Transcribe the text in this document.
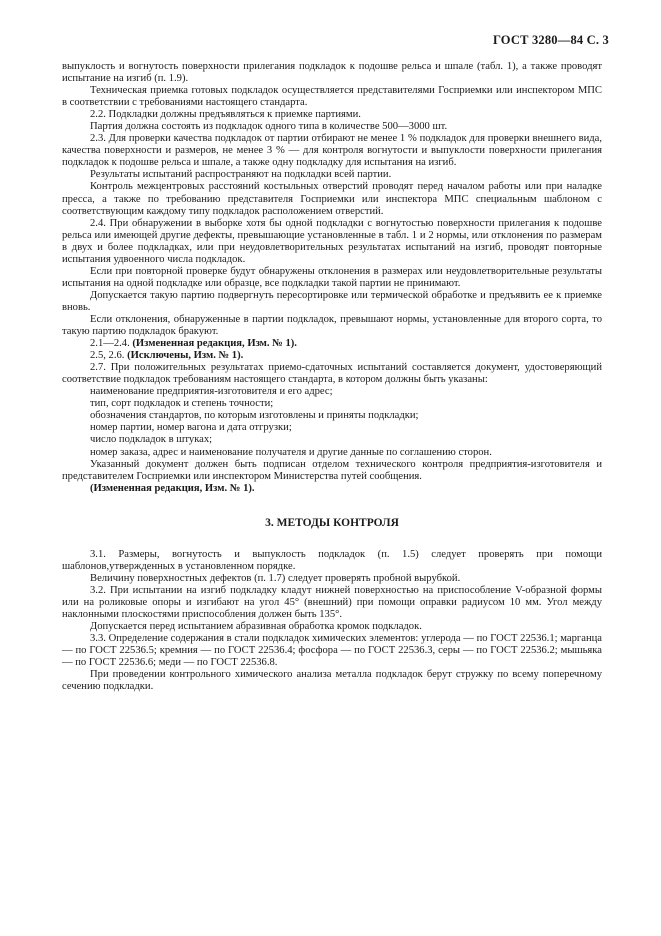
ГОСТ 3280—84 С. 3

выпуклость и вогнутость поверхности прилегания подкладок к подошве рельса и шпале (табл. 1), а также проводят испытание на изгиб (п. 1.9).

Техническая приемка готовых подкладок осуществляется представителями Госприемки или инспектором МПС в соответствии с требованиями настоящего стандарта.

2.2. Подкладки должны предъявляться к приемке партиями.

Партия должна состоять из подкладок одного типа в количестве 500—3000 шт.

2.3. Для проверки качества подкладок от партии отбирают не менее 1 % подкладок для проверки внешнего вида, качества поверхности и размеров, не менее 3 % — для контроля вогнутости и выпуклости поверхности прилегания подкладок к подошве рельса и шпале, а также одну подкладку для испытания на изгиб.

Результаты испытаний распространяют на подкладки всей партии.

Контроль межцентровых расстояний костыльных отверстий проводят перед началом работы или при наладке пресса, а также по требованию представителя Госприемки или инспектора МПС специальным шаблоном с соответствующим каждому типу подкладок расположением отверстий.

2.4. При обнаружении в выборке хотя бы одной подкладки с вогнутостью поверхности прилегания к подошве рельса или имеющей другие дефекты, превышающие установленные в табл. 1 и 2 нормы, или отклонения по размерам в двух и более подкладках, или при неудовлетворительных результатах испытаний на изгиб, проводят повторные испытания удвоенного числа подкладок.

Если при повторной проверке будут обнаружены отклонения в размерах или неудовлетворительные результаты испытания на одной подкладке или образце, все подкладки такой партии не принимают.

Допускается такую партию подвергнуть пересортировке или термической обработке и предъявить ее к приемке вновь.

Если отклонения, обнаруженные в партии подкладок, превышают нормы, установленные для второго сорта, то такую партию подкладок бракуют.

2.1—2.4. (Измененная редакция, Изм. № 1).

2.5, 2.6. (Исключены, Изм. № 1).

2.7. При положительных результатах приемо-сдаточных испытаний составляется документ, удостоверяющий соответствие подкладок требованиям настоящего стандарта, в котором должны быть указаны:

наименование предприятия-изготовителя и его адрес;

тип, сорт подкладок и степень точности;

обозначения стандартов, по которым изготовлены и приняты подкладки;

номер партии, номер вагона и дата отгрузки;

число подкладок в штуках;

номер заказа, адрес и наименование получателя и другие данные по соглашению сторон.

Указанный документ должен быть подписан отделом технического контроля предприятия-изготовителя и представителем Госприемки или инспектором Министерства путей сообщения.

(Измененная редакция, Изм. № 1).

3. МЕТОДЫ КОНТРОЛЯ

3.1. Размеры, вогнутость и выпуклость подкладок (п. 1.5) следует проверять при помощи шаблонов,утвержденных в установленном порядке.

Величину поверхностных дефектов (п. 1.7) следует проверять пробной вырубкой.

3.2. При испытании на изгиб подкладку кладут нижней поверхностью на приспособление V-образной формы или на роликовые опоры и изгибают на угол 45° (внешний) при помощи оправки радиусом 10 мм. Угол между наклонными плоскостями приспособления должен быть 135°.

Допускается перед испытанием абразивная обработка кромок подкладок.

3.3. Определение содержания в стали подкладок химических элементов: углерода — по ГОСТ 22536.1; марганца — по ГОСТ 22536.5; кремния — по ГОСТ 22536.4; фосфора — по ГОСТ 22536.3, серы — по ГОСТ 22536.2; мышьяка — по ГОСТ 22536.6; меди — по ГОСТ 22536.8.

При проведении контрольного химического анализа металла подкладок берут стружку по всему поперечному сечению подкладки.
